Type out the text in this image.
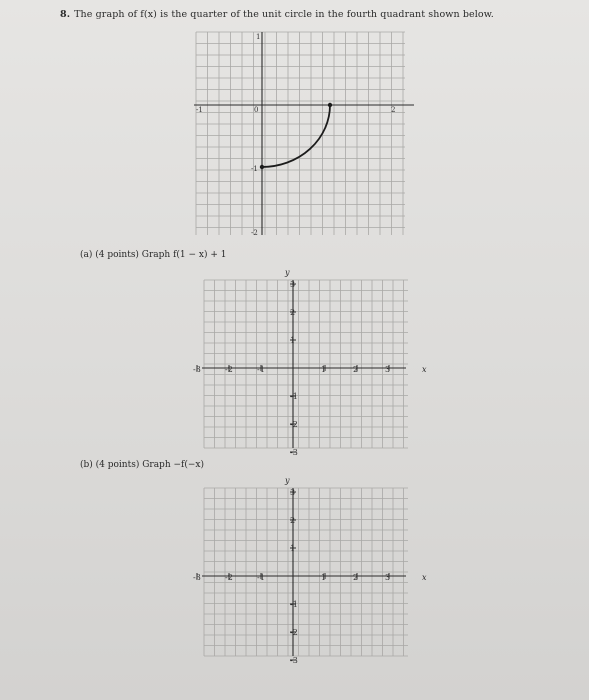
8. The graph of f(x) is the quarter of the unit circle in the fourth quadrant shown below.
1
-1	0	2
-1
-2
(a) (4 points) Graph f(1 − x) + 1
y
x
-3	-2	-1	1	2	3
3
2
1
-1
-2
-3
(b) (4 points) Graph −f(−x)
y
x
-3	-2	-1	1	2	3
3
2
1
-1
-2
-3
